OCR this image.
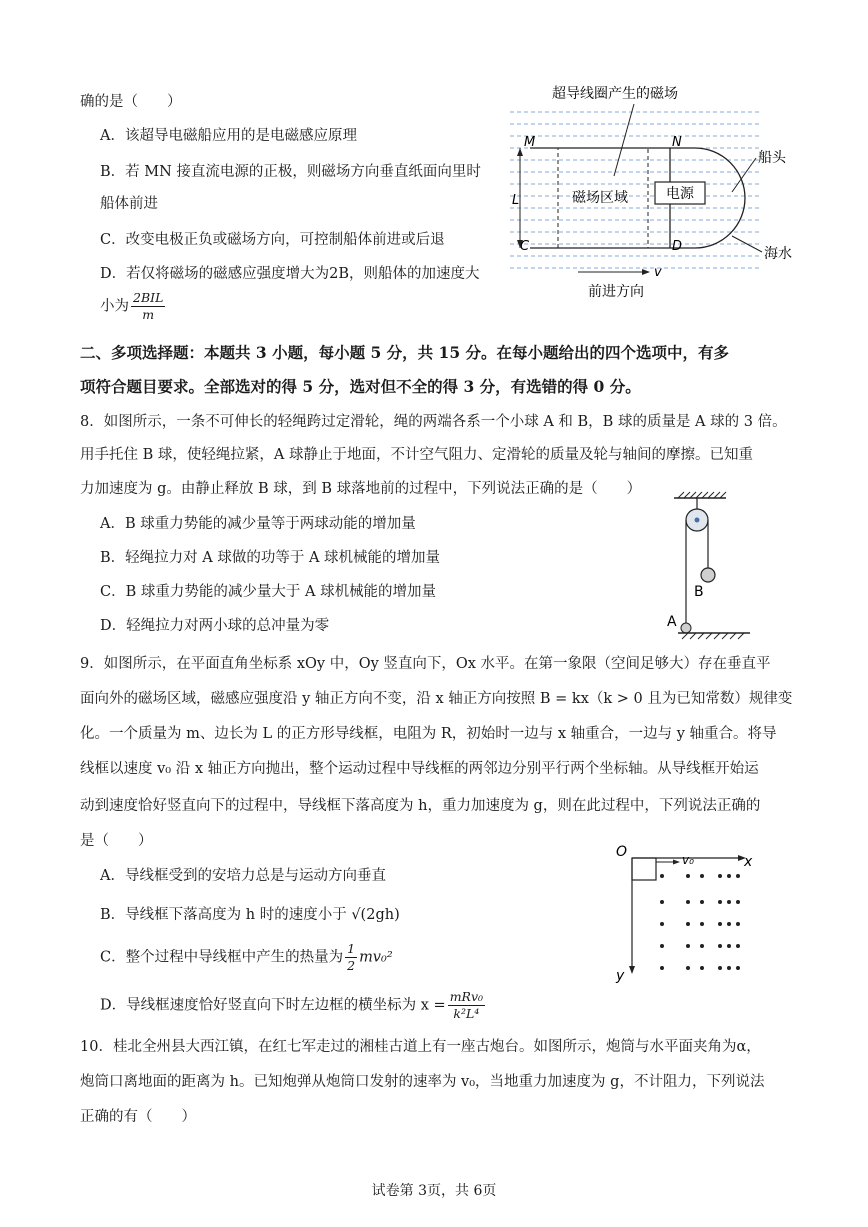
确的是（　　）
A．该超导电磁船应用的是电磁感应原理
B．若 MN 接直流电源的正极，则磁场方向垂直纸面向里时
船体前进
C．改变电极正负或磁场方向，可控制船体前进或后退
D．若仅将磁场的磁感应强度增大为2B，则船体的加速度大
小为 $\frac{\text{2BIL}}{m}$
电源
L
M	N
C	D
超导线圈产生的磁场
磁场区域
船头
海水
v
前进方向
二、多项选择题：本题共 3 小题，每小题 5 分，共 15 分。在每小题给出的四个选项中，有多
项符合题目要求。全部选对的得 5 分，选对但不全的得 3 分，有选错的得 0 分。
8．如图所示，一条不可伸长的轻绳跨过定滑轮，绳的两端各系一个小球 A 和 B，B 球的质量是 A 球的 3 倍。
用手托住 B 球，使轻绳拉紧，A 球静止于地面，不计空气阻力、定滑轮的质量及轮与轴间的摩擦。已知重
力加速度为 g。由静止释放 B 球，到 B 球落地前的过程中，下列说法正确的是（　　）
A．B 球重力势能的减少量等于两球动能的增加量
B．轻绳拉力对 A 球做的功等于 A 球机械能的增加量
C．B 球重力势能的减少量大于 A 球机械能的增加量
D．轻绳拉力对两小球的总冲量为零
B
A
9．如图所示，在平面直角坐标系 xOy 中，Oy 竖直向下，Ox 水平。在第一象限（空间足够大）存在垂直平
面向外的磁场区域，磁感应强度沿 y 轴正方向不变，沿 x 轴正方向按照 B = kx（k > 0 且为已知常数）规律变
化。一个质量为 m、边长为 L 的正方形导线框，电阻为 R，初始时一边与 x 轴重合，一边与 y 轴重合。将导
线框以速度 v₀ 沿 x 轴正方向抛出，整个运动过程中导线框的两邻边分别平行两个坐标轴。从导线框开始运
动到速度恰好竖直向下的过程中，导线框下落高度为 h，重力加速度为 g，则在此过程中，下列说法正确的
是（　　）
A．导线框受到的安培力总是与运动方向垂直
B．导线框下落高度为 h 时的速度小于 √(2gh)
C．整个过程中导线框中产生的热量为 $\frac{1}{2} mv_0^2$
D．导线框速度恰好竖直向下时左边框的横坐标为 $x = \frac{\text{mRv₀}}{\text{k²L⁴}}$
O
x
y
v₀
10．桂北全州县大西江镇，在红七军走过的湘桂古道上有一座古炮台。如图所示，炮筒与水平面夹角为α，
炮筒口离地面的距离为 h。已知炮弹从炮筒口发射的速率为 v₀，当地重力加速度为 g，不计阻力，下列说法
正确的有（　　）
试卷第 3页，共 6页
